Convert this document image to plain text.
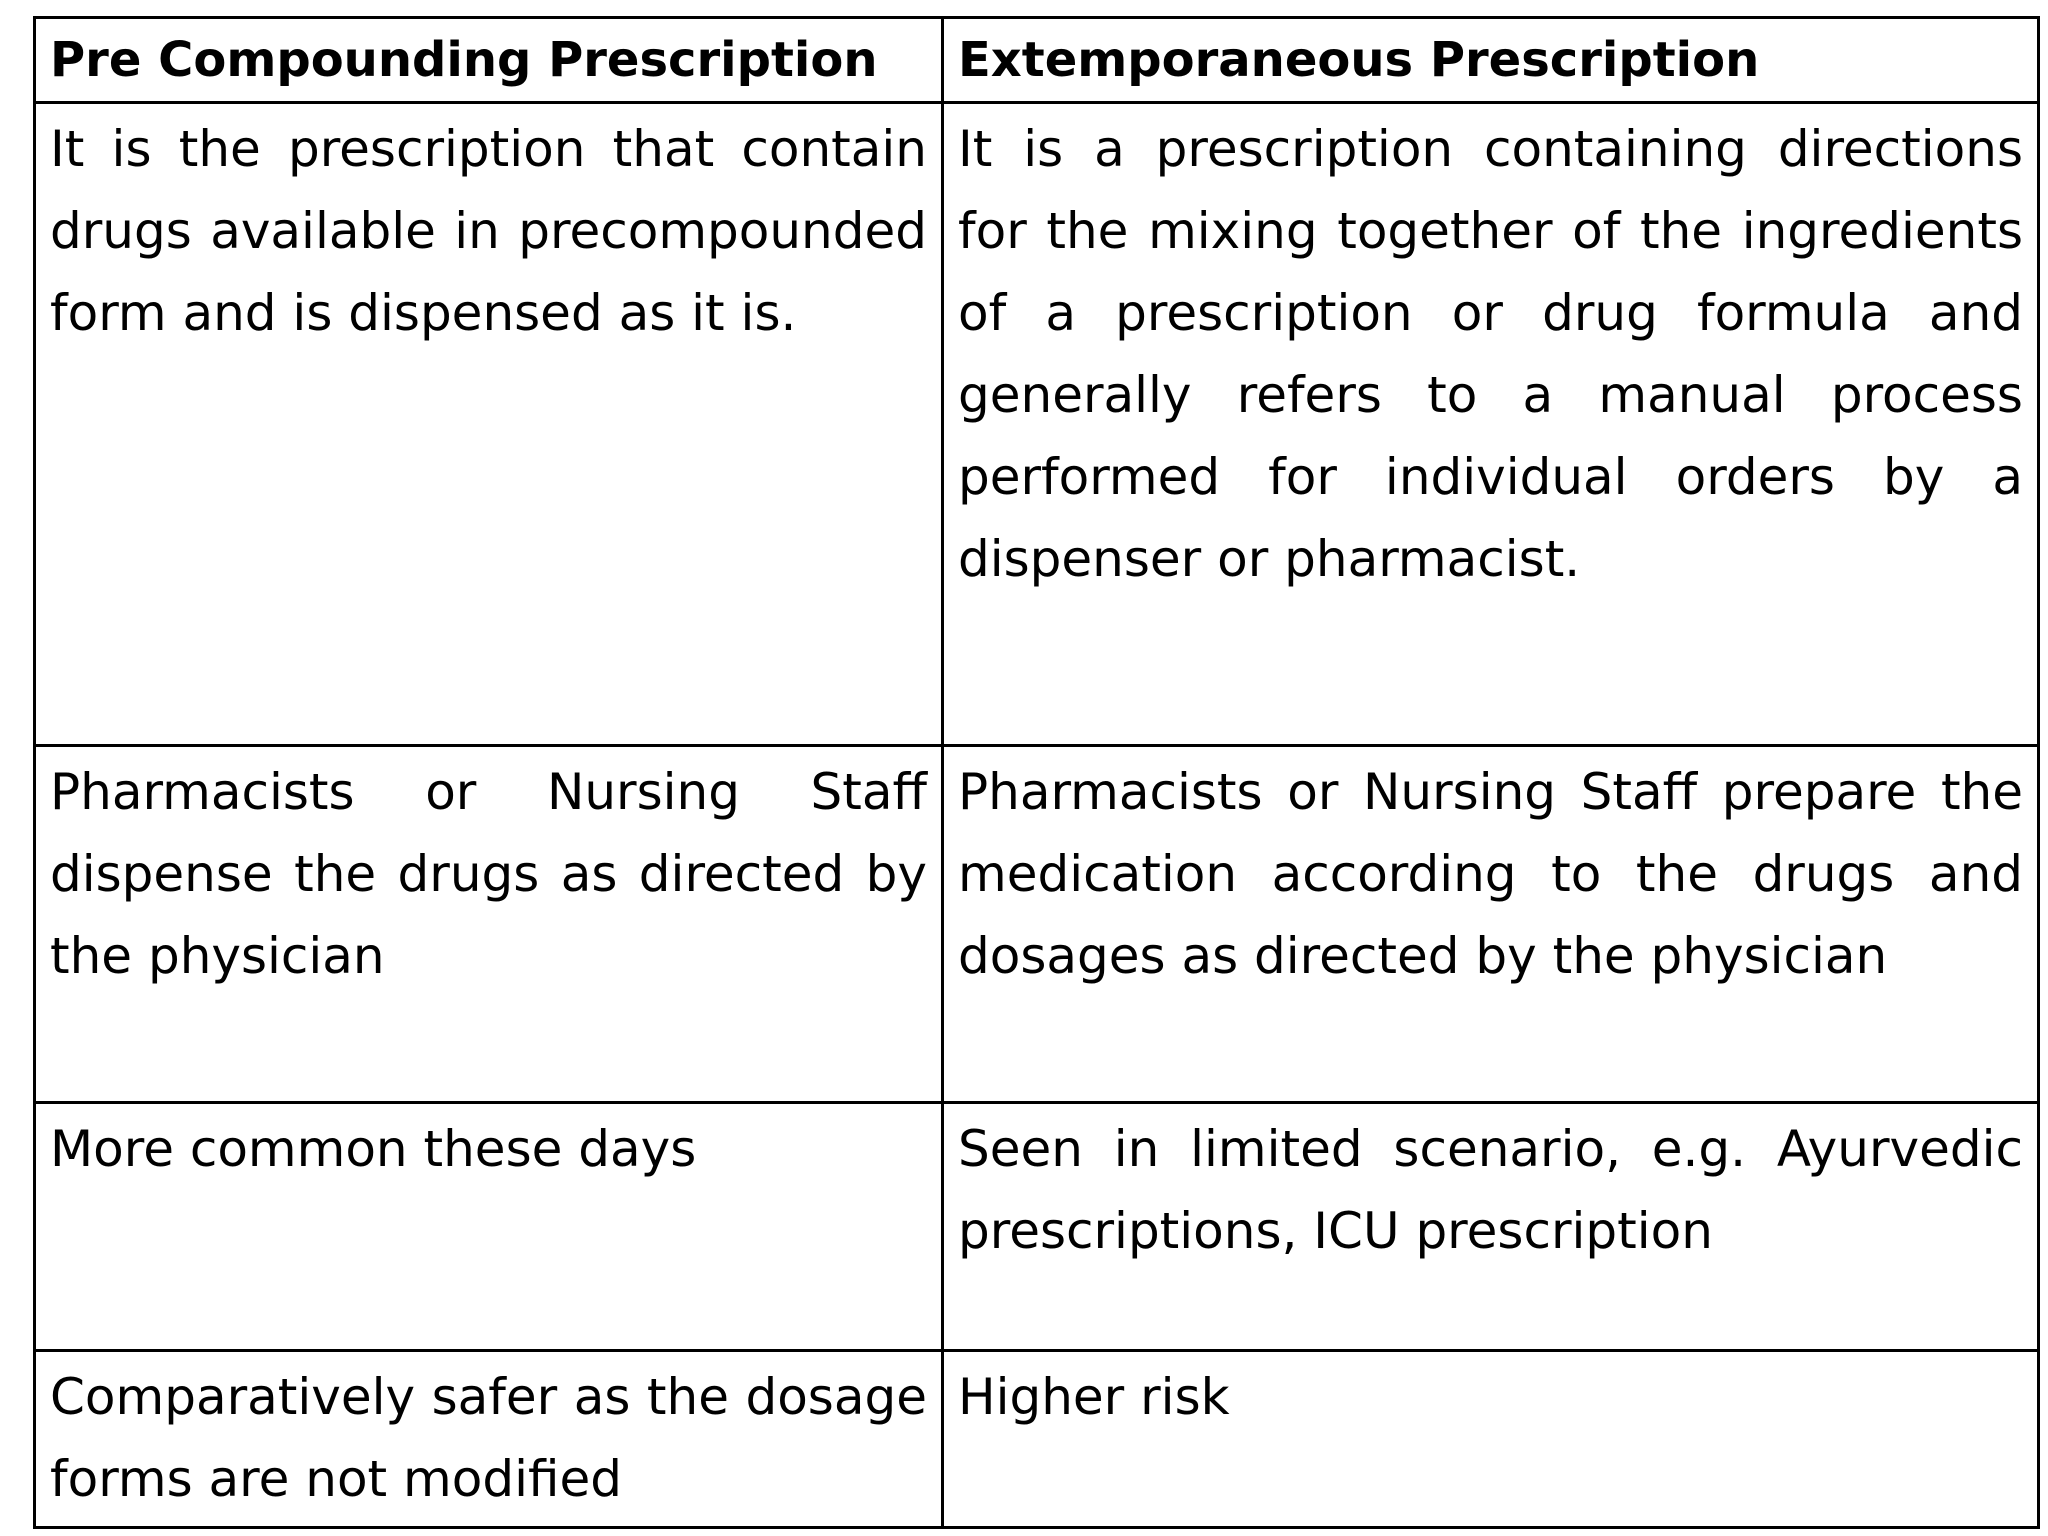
Pre Compounding Prescription	Extemporaneous Prescription
It is the prescription that contain drugs available in precompounded form and is dispensed as it is.	It is a prescription containing directions for the mixing together of the ingredients of a prescription or drug formula and generally refers to a manual process performed for individual orders by a dispenser or pharmacist.
Pharmacists or Nursing Staff dispense the drugs as directed by the physician	Pharmacists or Nursing Staff prepare the medication according to the drugs and dosages as directed by the physician
More common these days	Seen in limited scenario, e.g. Ayurvedic prescriptions, ICU prescription
Comparatively safer as the dosage forms are not modified	Higher risk
